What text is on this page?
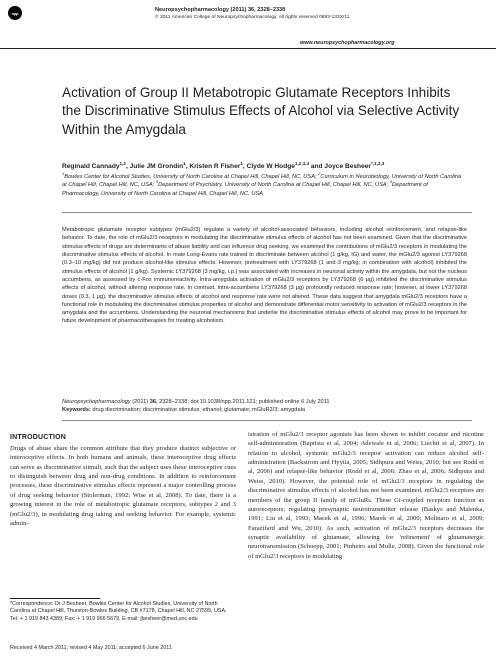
npp	Neuropsychopharmacology (2011) 36, 2328–2338
© 2011 American College of Neuropsychopharmacology. All rights reserved 0893-133X/11
www.neuropsychopharmacology.org
Activation of Group II Metabotropic Glutamate Receptors Inhibits the Discriminative Stimulus Effects of Alcohol via Selective Activity Within the Amygdala
Reginald Cannady$^{1,2}$, Julie JM Grondin$^1$, Kristen R Fisher$^1$, Clyde W Hodge$^{1,2,3,4}$ and Joyce Besheer$^{*,1,2,3}$
$^1$Bowles Center for Alcohol Studies, University of North Carolina at Chapel Hill, Chapel Hill, NC, USA; $^2$Curriculum in Neurobiology, University of North Carolina at Chapel Hill, Chapel Hill, NC, USA; $^3$Department of Psychiatry, University of North Carolina at Chapel Hill, Chapel Hill, NC, USA; $^4$Department of Pharmacology, University of North Carolina at Chapel Hill, Chapel Hill, NC, USA

Metabotropic glutamate receptor subtypes (mGlu2/3) regulate a variety of alcohol-associated behaviors, including alcohol reinforcement, and relapse-like behavior. To date, the role of mGlu2/3 receptors in modulating the discriminative stimulus effects of alcohol has not been examined. Given that the discriminative stimulus effects of drugs are determinants of abuse liability and can influence drug seeking, we examined the contributions of mGlu2/3 receptors in modulating the discriminative stimulus effects of alcohol. In male Long-Evans rats trained to discriminate between alcohol (1 g/kg, IG) and water, the mGlu2/3 agonist LY379268 (0.3–10 mg/kg) did not produce alcohol-like stimulus effects. However, pretreatment with LY379268 (1 and 3 mg/kg; in combination with alcohol) inhibited the stimulus effects of alcohol (1 g/kg). Systemic LY379268 (3 mg/kg, i.p.) was associated with increases in neuronal activity within the amygdala, but not the nucleus accumbens, as assessed by c-Fos immunoreactivity. Intra-amygdala activation of mGlu2/3 receptors by LY379268 (6 μg) inhibited the discriminative stimulus effects of alcohol, without altering response rate. In contrast, intra-accumbens LY379268 (3 μg) profoundly reduced response rate; however, at lower LY379268 doses (0.3, 1 μg), the discriminative stimulus effects of alcohol and response rate were not altered. These data suggest that amygdala mGlu2/3 receptors have a functional role in modulating the discriminative stimulus properties of alcohol and demonstrate differential motor sensitivity to activation of mGlu2/3 receptors in the amygdala and the accumbens. Understanding the neuronal mechanisms that underlie the discriminative stimulus effects of alcohol may prove to be important for future development of pharmacotherapies for treating alcoholism.

Neuropsychopharmacology (2011) 36, 2328–2338; doi:10.1038/npp.2011.121; published online 6 July 2011

Keywords: drug discrimination; discriminative stimulus; ethanol; glutamate; mGluR2/3; amygdala

INTRODUCTION

Drugs of abuse share the common attribute that they produce distinct subjective or interoceptive effects. In both humans and animals, these interoceptive drug effects can serve as discriminative stimuli, such that the subject uses these interoceptive cues to distinguish between drug and non-drug conditions. In addition to reinforcement processes, these discriminative stimulus effects represent a major controlling process of drug seeking behavior (Stolerman, 1992; Wise et al, 2008). To date, there is a growing interest in the role of metabotropic glutamate receptors, subtypes 2 and 3 (mGlu2/3), in modulating drug taking and seeking behavior. For example, systemic admin-

istration of mGlu2/3 receptor agonists has been shown to inhibit cocaine and nicotine self-administration (Baptista et al, 2004; Adewale et al, 2006; Liechti et al, 2007). In relation to alcohol, systemic mGlu2/3 receptor activation can reduce alcohol self-administration (Backstrom and Hyytia, 2005; Sidhpura and Weiss, 2010; but see Rodd et al, 2006) and relapse-like behavior (Rodd et al, 2006; Zhao et al, 2006; Sidhpura and Weiss, 2010). However, the potential role of mGlu2/3 receptors in regulating the discriminative stimulus effects of alcohol has not been examined. mGlu2/3 receptors are members of the group II family of mGluRs. These Gi-coupled receptors function as autoreceptors; regulating presynaptic neurotransmitter release (Baskys and Malenka, 1991; Liu et al, 1993; Macek et al, 1996; Marek et al, 2000; Molinaro et al, 2009; Farazifard and Wu, 2010). As such, activation of mGlu2/3 receptors decreases the synaptic availability of glutamate, allowing for 'refinement' of glutamatergic neurotransmission (Schoepp, 2001; Pinheiro and Mulle, 2008). Given the functional role of mGlu2/3 receptors in modulating

*Correspondence: Dr J Besheer, Bowles Center for Alcohol Studies, University of North Carolina at Chapel Hill, Thurston-Bowles Building, CB #7178, Chapel Hill, NC 27599, USA, Tel: + 1 919 843 4389, Fax: + 1 919 966 5679, E-mail: jbesheer@med.unc.edu

Received 4 March 2011; revised 4 May 2011; accepted 6 June 2011
